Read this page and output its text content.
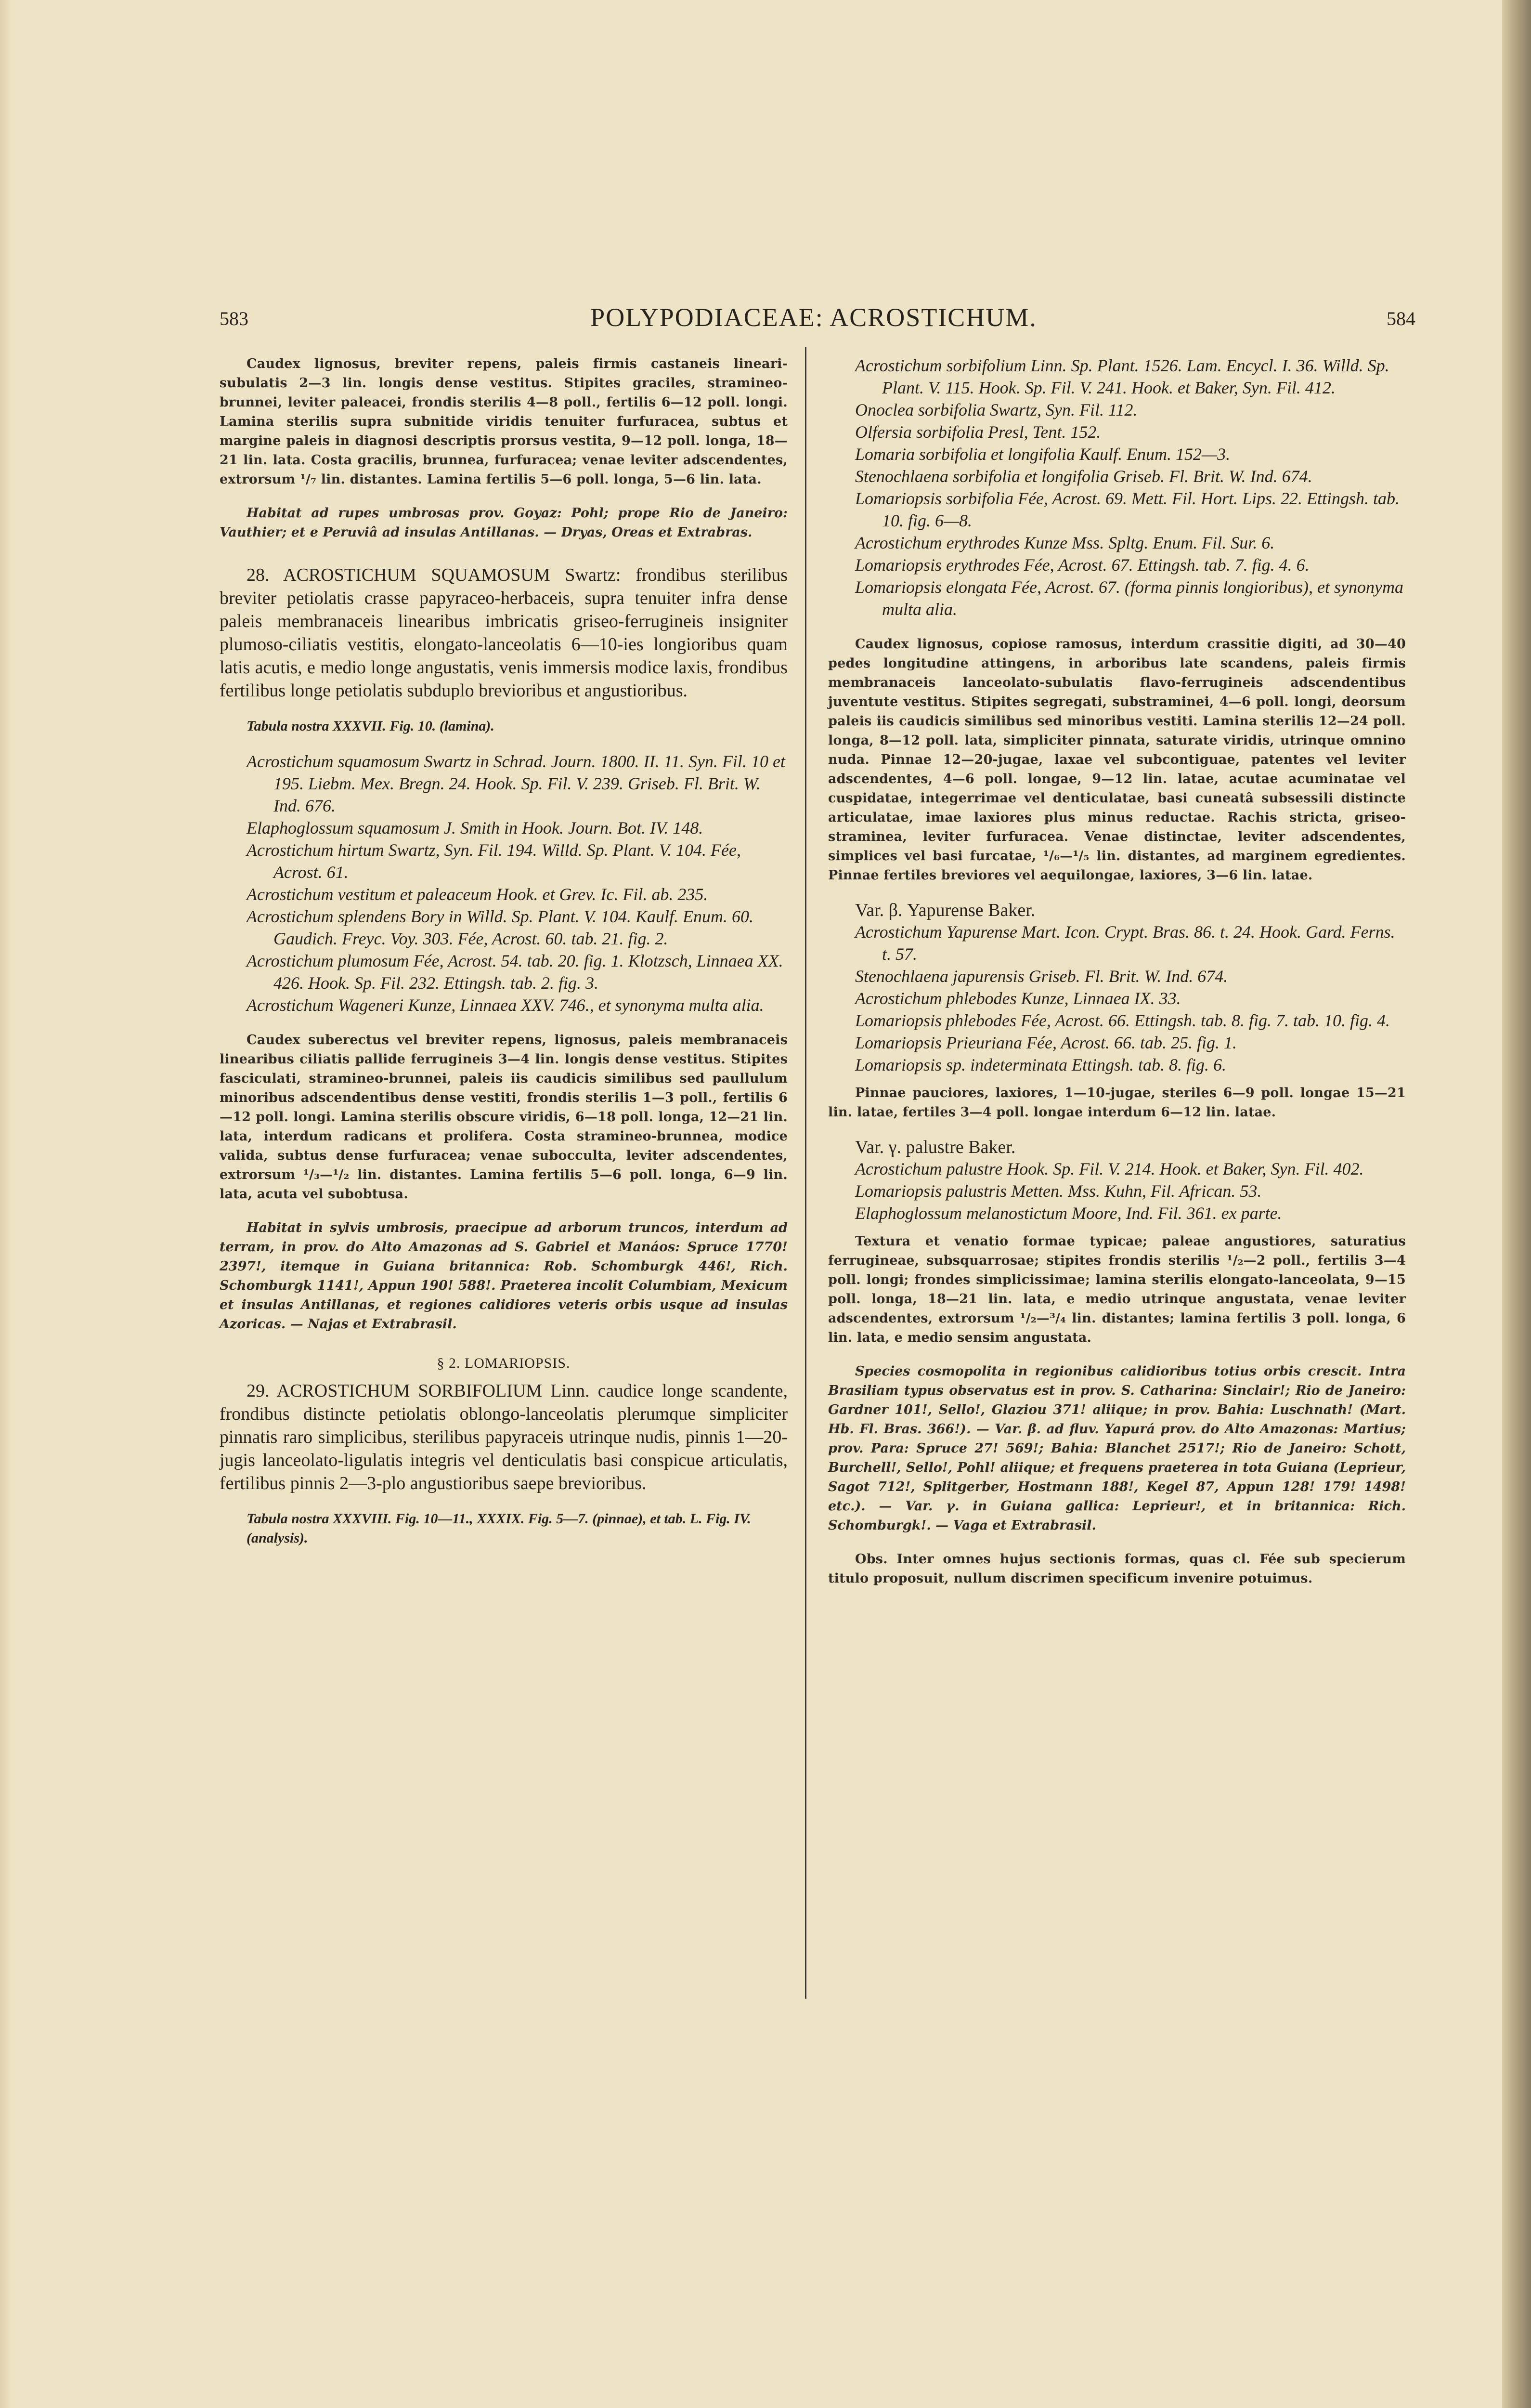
583	POLYPODIACEAE: ACROSTICHUM.	584

Caudex lignosus, breviter repens, paleis firmis castaneis lineari-subulatis 2—3 lin. longis dense vestitus. Stipites graciles, stramineo-brunnei, leviter paleacei, frondis sterilis 4—8 poll., fertilis 6—12 poll. longi. Lamina sterilis supra subnitide viridis tenuiter furfuracea, subtus et margine paleis in diagnosi descriptis prorsus vestita, 9—12 poll. longa, 18—21 lin. lata. Costa gracilis, brunnea, furfuracea; venae leviter adscendentes, extrorsum ¹/₇ lin. distantes. Lamina fertilis 5—6 poll. longa, 5—6 lin. lata.

Habitat ad rupes umbrosas prov. Goyaz: Pohl; prope Rio de Janeiro: Vauthier; et e Peruviâ ad insulas Antillanas. — Dryas, Oreas et Extrabras.

28. ACROSTICHUM SQUAMOSUM Swartz: frondibus sterilibus breviter petiolatis crasse papyraceo-herbaceis, supra tenuiter infra dense paleis membranaceis linearibus imbricatis griseo-ferrugineis insigniter plumoso-ciliatis vestitis, elongato-lanceolatis 6—10-ies longioribus quam latis acutis, e medio longe angustatis, venis immersis modice laxis, frondibus fertilibus longe petiolatis subduplo brevioribus et angustioribus.

Tabula nostra XXXVII. Fig. 10. (lamina).

Acrostichum squamosum Swartz in Schrad. Journ. 1800. II. 11. Syn. Fil. 10 et 195. Liebm. Mex. Bregn. 24. Hook. Sp. Fil. V. 239. Griseb. Fl. Brit. W. Ind. 676.
Elaphoglossum squamosum J. Smith in Hook. Journ. Bot. IV. 148.
Acrostichum hirtum Swartz, Syn. Fil. 194. Willd. Sp. Plant. V. 104. Fée, Acrost. 61.
Acrostichum vestitum et paleaceum Hook. et Grev. Ic. Fil. ab. 235.
Acrostichum splendens Bory in Willd. Sp. Plant. V. 104. Kaulf. Enum. 60. Gaudich. Freyc. Voy. 303. Fée, Acrost. 60. tab. 21. fig. 2.
Acrostichum plumosum Fée, Acrost. 54. tab. 20. fig. 1. Klotzsch, Linnaea XX. 426. Hook. Sp. Fil. 232. Ettingsh. tab. 2. fig. 3.
Acrostichum Wageneri Kunze, Linnaea XXV. 746., et synonyma multa alia.

Caudex suberectus vel breviter repens, lignosus, paleis membranaceis linearibus ciliatis pallide ferrugineis 3—4 lin. longis dense vestitus. Stipites fasciculati, stramineo-brunnei, paleis iis caudicis similibus sed paullulum minoribus adscendentibus dense vestiti, frondis sterilis 1—3 poll., fertilis 6—12 poll. longi. Lamina sterilis obscure viridis, 6—18 poll. longa, 12—21 lin. lata, interdum radicans et prolifera. Costa stramineo-brunnea, modice valida, subtus dense furfuracea; venae subocculta, leviter adscendentes, extrorsum ¹/₃—¹/₂ lin. distantes. Lamina fertilis 5—6 poll. longa, 6—9 lin. lata, acuta vel subobtusa.

Habitat in sylvis umbrosis, praecipue ad arborum truncos, interdum ad terram, in prov. do Alto Amazonas ad S. Gabriel et Manáos: Spruce 1770! 2397!, itemque in Guiana britannica: Rob. Schomburgk 446!, Rich. Schomburgk 1141!, Appun 190! 588!. Praeterea incolit Columbiam, Mexicum et insulas Antillanas, et regiones calidiores veteris orbis usque ad insulas Azoricas. — Najas et Extrabrasil.

§ 2. LOMARIOPSIS.

29. ACROSTICHUM SORBIFOLIUM Linn. caudice longe scandente, frondibus distincte petiolatis oblongo-lanceolatis plerumque simpliciter pinnatis raro simplicibus, sterilibus papyraceis utrinque nudis, pinnis 1—20-jugis lanceolato-ligulatis integris vel denticulatis basi conspicue articulatis, fertilibus pinnis 2—3-plo angustioribus saepe brevioribus.

Tabula nostra XXXVIII. Fig. 10—11., XXXIX. Fig. 5—7. (pinnae), et tab. L. Fig. IV. (analysis).

Acrostichum sorbifolium Linn. Sp. Plant. 1526. Lam. Encycl. I. 36. Willd. Sp. Plant. V. 115. Hook. Sp. Fil. V. 241. Hook. et Baker, Syn. Fil. 412.
Onoclea sorbifolia Swartz, Syn. Fil. 112.
Olfersia sorbifolia Presl, Tent. 152.
Lomaria sorbifolia et longifolia Kaulf. Enum. 152—3.
Stenochlaena sorbifolia et longifolia Griseb. Fl. Brit. W. Ind. 674.
Lomariopsis sorbifolia Fée, Acrost. 69. Mett. Fil. Hort. Lips. 22. Ettingsh. tab. 10. fig. 6—8.
Acrostichum erythrodes Kunze Mss. Spltg. Enum. Fil. Sur. 6.
Lomariopsis erythrodes Fée, Acrost. 67. Ettingsh. tab. 7. fig. 4. 6.
Lomariopsis elongata Fée, Acrost. 67. (forma pinnis longioribus), et synonyma multa alia.

Caudex lignosus, copiose ramosus, interdum crassitie digiti, ad 30—40 pedes longitudine attingens, in arboribus late scandens, paleis firmis membranaceis lanceolato-subulatis flavo-ferrugineis adscendentibus juventute vestitus. Stipites segregati, substraminei, 4—6 poll. longi, deorsum paleis iis caudicis similibus sed minoribus vestiti. Lamina sterilis 12—24 poll. longa, 8—12 poll. lata, simpliciter pinnata, saturate viridis, utrinque omnino nuda. Pinnae 12—20-jugae, laxae vel subcontiguae, patentes vel leviter adscendentes, 4—6 poll. longae, 9—12 lin. latae, acutae acuminatae vel cuspidatae, integerrimae vel denticulatae, basi cuneatâ subsessili distincte articulatae, imae laxiores plus minus reductae. Rachis stricta, griseo-straminea, leviter furfuracea. Venae distinctae, leviter adscendentes, simplices vel basi furcatae, ¹/₆—¹/₅ lin. distantes, ad marginem egredientes. Pinnae fertiles breviores vel aequilongae, laxiores, 3—6 lin. latae.

Var. β. Yapurense Baker.

Acrostichum Yapurense Mart. Icon. Crypt. Bras. 86. t. 24. Hook. Gard. Ferns. t. 57.
Stenochlaena japurensis Griseb. Fl. Brit. W. Ind. 674.
Acrostichum phlebodes Kunze, Linnaea IX. 33.
Lomariopsis phlebodes Fée, Acrost. 66. Ettingsh. tab. 8. fig. 7. tab. 10. fig. 4.
Lomariopsis Prieuriana Fée, Acrost. 66. tab. 25. fig. 1.
Lomariopsis sp. indeterminata Ettingsh. tab. 8. fig. 6.

Pinnae pauciores, laxiores, 1—10-jugae, steriles 6—9 poll. longae 15—21 lin. latae, fertiles 3—4 poll. longae interdum 6—12 lin. latae.

Var. γ. palustre Baker.

Acrostichum palustre Hook. Sp. Fil. V. 214. Hook. et Baker, Syn. Fil. 402.
Lomariopsis palustris Metten. Mss. Kuhn, Fil. African. 53.
Elaphoglossum melanostictum Moore, Ind. Fil. 361. ex parte.

Textura et venatio formae typicae; paleae angustiores, saturatius ferrugineae, subsquarrosae; stipites frondis sterilis ¹/₂—2 poll., fertilis 3—4 poll. longi; frondes simplicissimae; lamina sterilis elongato-lanceolata, 9—15 poll. longa, 18—21 lin. lata, e medio utrinque angustata, venae leviter adscendentes, extrorsum ¹/₂—³/₄ lin. distantes; lamina fertilis 3 poll. longa, 6 lin. lata, e medio sensim angustata.

Species cosmopolita in regionibus calidioribus totius orbis crescit. Intra Brasiliam typus observatus est in prov. S. Catharina: Sinclair!; Rio de Janeiro: Gardner 101!, Sello!, Glaziou 371! aliique; in prov. Bahia: Luschnath! (Mart. Hb. Fl. Bras. 366!). — Var. β. ad fluv. Yapurá prov. do Alto Amazonas: Martius; prov. Para: Spruce 27! 569!; Bahia: Blanchet 2517!; Rio de Janeiro: Schott, Burchell!, Sello!, Pohl! aliique; et frequens praeterea in tota Guiana (Leprieur, Sagot 712!, Splitgerber, Hostmann 188!, Kegel 87, Appun 128! 179! 1498! etc.). — Var. γ. in Guiana gallica: Leprieur!, et in britannica: Rich. Schomburgk!. — Vaga et Extrabrasil.

Obs. Inter omnes hujus sectionis formas, quas cl. Fée sub specierum titulo proposuit, nullum discrimen specificum invenire potuimus.
